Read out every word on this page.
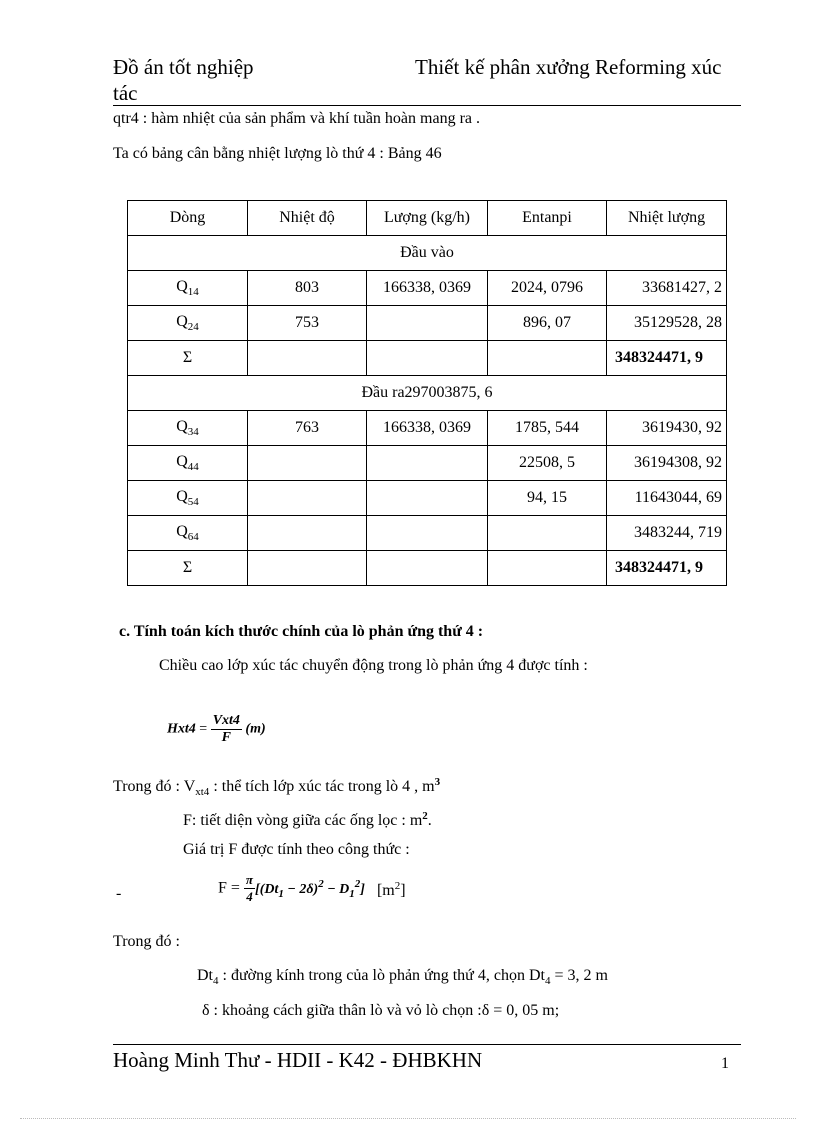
Đồ án tốt nghiệp	Thiết kế phân xưởng Reforming xúc
tác
qtr4 : hàm nhiệt của sản phẩm và khí tuần hoàn mang ra .
Ta có bảng cân bằng nhiệt lượng lò thứ 4 : Bảng 46
Dòng	Nhiệt độ	Lượng (kg/h)	Entanpi	Nhiệt lượng
Đầu vào				
$Q_{14}$	803	166338, 0369	2024, 0796	33681427, 2
$Q_{24}$	753		896, 07	35129528, 28
Σ				348324471, 9
Đầu ra297003875, 6				
$Q_{34}$	763	166338, 0369	1785, 544	3619430, 92
$Q_{44}$			22508, 5	36194308, 92
$Q_{54}$			94, 15	11643044, 69
$Q_{64}$				3483244, 719
Σ				348324471, 9
c. Tính toán kích thước chính của lò phản ứng thứ 4 :
Chiều cao lớp xúc tác chuyển động trong lò phản ứng 4 được tính :
$Hxt4 = \frac{\text{Vxt4}}{F} (m)$
Trong đó : $V_{xt4}$ : thể tích lớp xúc tác trong lò 4 , $m^3$
F: tiết diện vòng giữa các ống lọc : $m^2$.
Giá trị F được tính theo công thức :
-	$F = \frac{\pi}{4} [(Dt_1 - 2\delta)^2 - D_1^2]$ $[m^2]$
Trong đó :
$Dt_4$ : đường kính trong của lò phản ứng thứ 4, chọn $Dt_4 = 3$, 2 m
δ : khoảng cách giữa thân lò và vỏ lò chọn :δ = 0, 05 m;
Hoàng Minh Thư - HDII - K42 - ĐHBKHN	1
